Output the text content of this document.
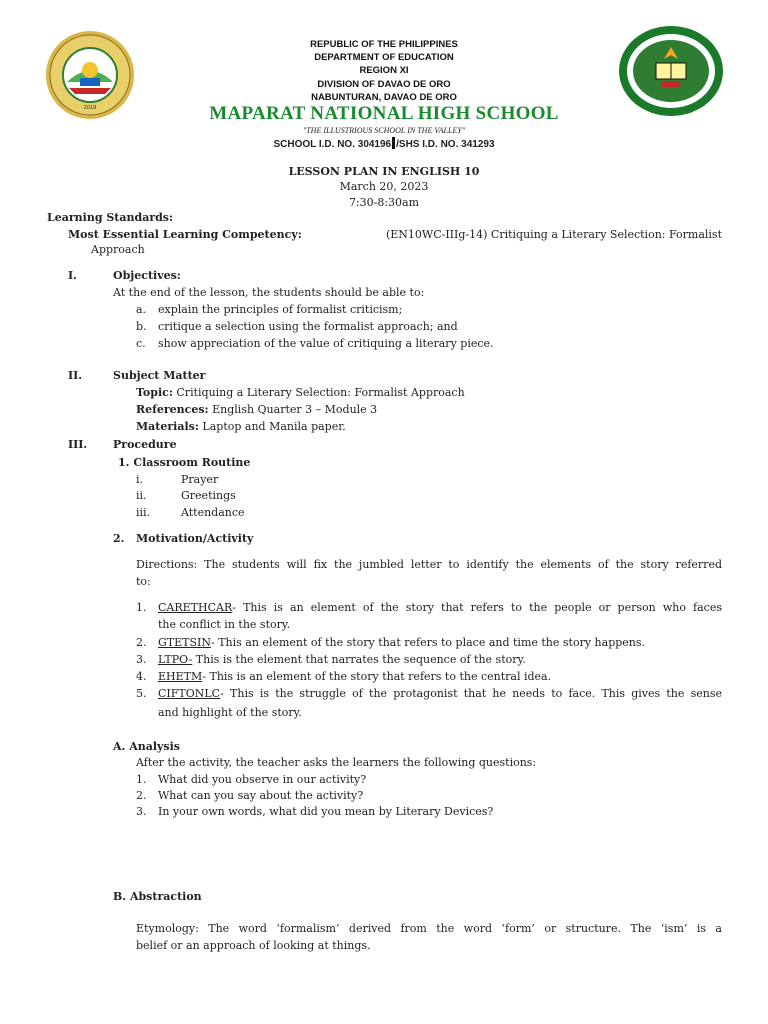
2019
REPUBLIC OF THE PHILIPPINES
DEPARTMENT OF EDUCATION
REGION XI
DIVISION OF DAVAO DE ORO
NABUNTURAN, DAVAO DE ORO
MAPARAT NATIONAL HIGH SCHOOL
"THE ILLUSTRIOUS SCHOOL IN THE VALLEY"
SCHOOL I.D. NO. 304196 /SHS I.D. NO. 341293
LESSON PLAN IN ENGLISH 10
March 20, 2023
7:30-8:30am
Learning Standards:
Most Essential Learning Competency:	(EN10WC-IIIg-14) Critiquing a Literary Selection: Formalist
Approach
I.	Objectives:
At the end of the lesson, the students should be able to:
a. explain the principles of formalist criticism;
b. critique a selection using the formalist approach; and
c. show appreciation of the value of critiquing a literary piece.
II.	Subject Matter
Topic: Critiquing a Literary Selection: Formalist Approach
References: English Quarter 3 – Module 3
Materials: Laptop and Manila paper.
III. Procedure
1. Classroom Routine
i.	Prayer
ii.	Greetings
iii.	Attendance
2. Motivation/Activity
Directions: The students will fix the jumbled letter to identify the elements of the story referred
to:
1. CARETHCAR- This is an element of the story that refers to the people or person who faces
the conflict in the story.
2. GTETSIN- This an element of the story that refers to place and time the story happens.
3. LTPO- This is the element that narrates the sequence of the story.
4. EHETM- This is an element of the story that refers to the central idea.
5. CIFTONLC- This is the struggle of the protagonist that he needs to face. This gives the sense
and highlight of the story.
A. Analysis
After the activity, the teacher asks the learners the following questions:
1. What did you observe in our activity?
2. What can you say about the activity?
3. In your own words, what did you mean by Literary Devices?
B. Abstraction
Etymology: The word ‘formalism’ derived from the word ‘form’ or structure. The ‘ism’ is a
belief or an approach of looking at things.
